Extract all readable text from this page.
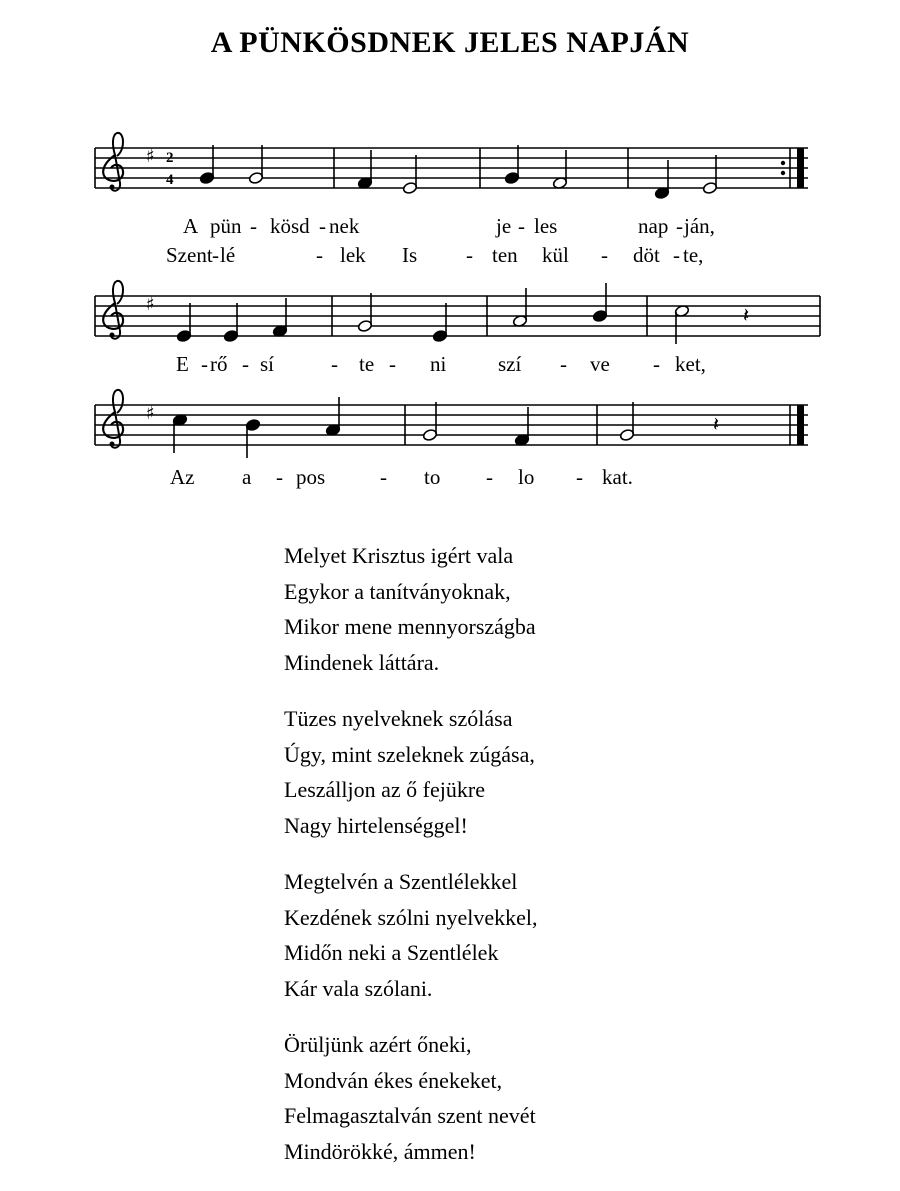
A PÜNKÖSDNEK JELES NAPJÁN
♯ 2
4
A pün - kösd - nek	je - les	nap - ján,
Szent - lé	- lek Is - ten kül - döt - te,
♯	𝄽
E - rő - sí	- te - ni szí - ve - ket,
♯	𝄽
Az a - pos	- to - lo - kat.
Melyet Krisztus igért vala
Egykor a tanítványoknak,
Mikor mene mennyországba
Mindenek láttára.
Tüzes nyelveknek szólása
Úgy, mint szeleknek zúgása,
Leszálljon az ő fejükre
Nagy hirtelenséggel!
Megtelvén a Szentlélekkel
Kezdének szólni nyelvekkel,
Midőn neki a Szentlélek
Kár vala szólani.
Örüljünk azért őneki,
Mondván ékes énekeket,
Felmagasztalván szent nevét
Mindörökké, ámmen!
